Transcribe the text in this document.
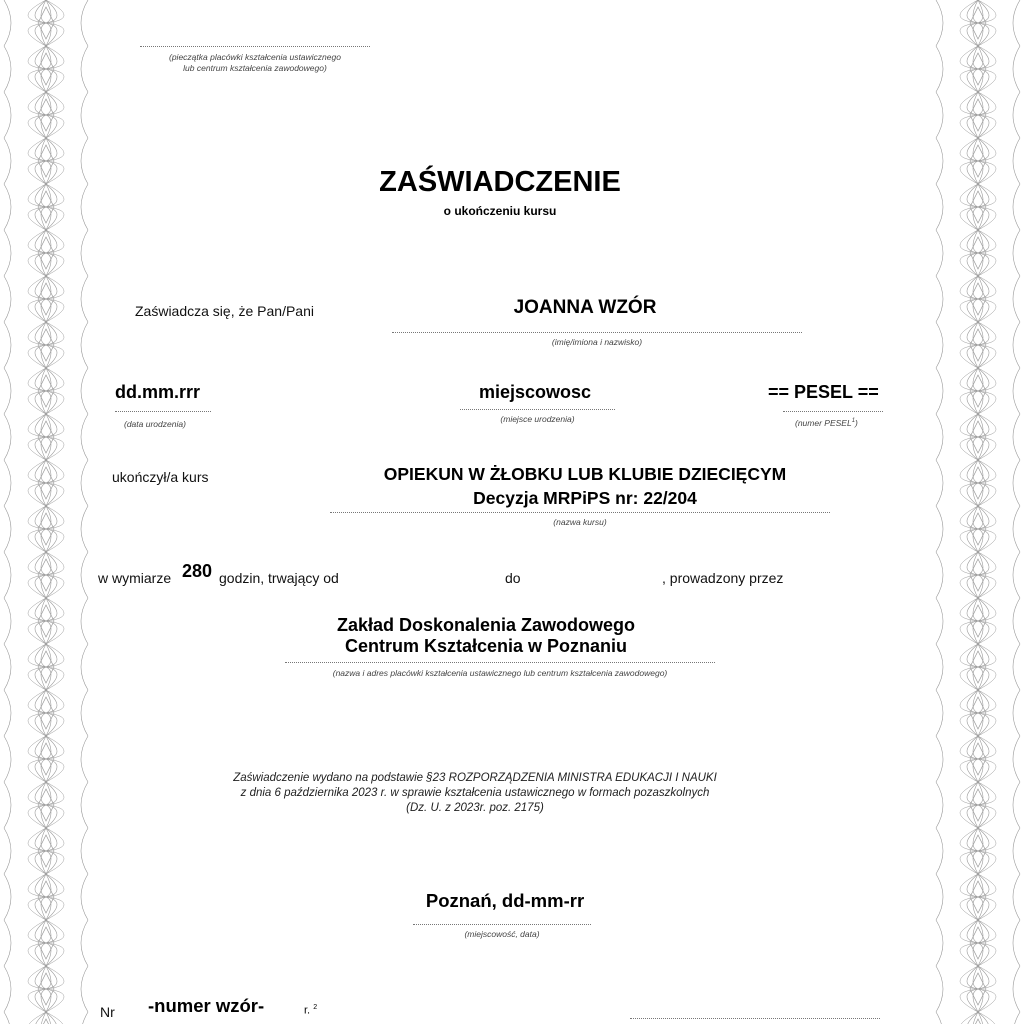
(pieczątka placówki kształcenia ustawicznego
lub centrum kształcenia zawodowego)
ZAŚWIADCZENIE
o ukończeniu kursu
Zaświadcza się, że Pan/Pani	JOANNA WZÓR
(imię/imiona i nazwisko)
dd.mm.rrr
(data urodzenia)
miejscowosc
(miejsce urodzenia)
== PESEL ==
(numer PESEL$^1$)
ukończył/a kurs	OPIEKUN W ŻŁOBKU LUB KLUBIE DZIECIĘCYM
Decyzja MRPiPS nr: 22/204
(nazwa kursu)
w wymiarze 280 godzin, trwający od	do	, prowadzony przez
Zakład Doskonalenia Zawodowego
Centrum Kształcenia w Poznaniu
(nazwa i adres placówki kształcenia ustawicznego lub centrum kształcenia zawodowego)
Zaświadczenie wydano na podstawie §23 ROZPORZĄDZENIA MINISTRA EDUKACJI I NAUKI
z dnia 6 października 2023 r. w sprawie kształcenia ustawicznego w formach pozaszkolnych
(Dz. U. z 2023r. poz. 2175)
Poznań, dd-mm-rr
(miejscowość, data)
Nr -numer wzór-	r. $^2$
